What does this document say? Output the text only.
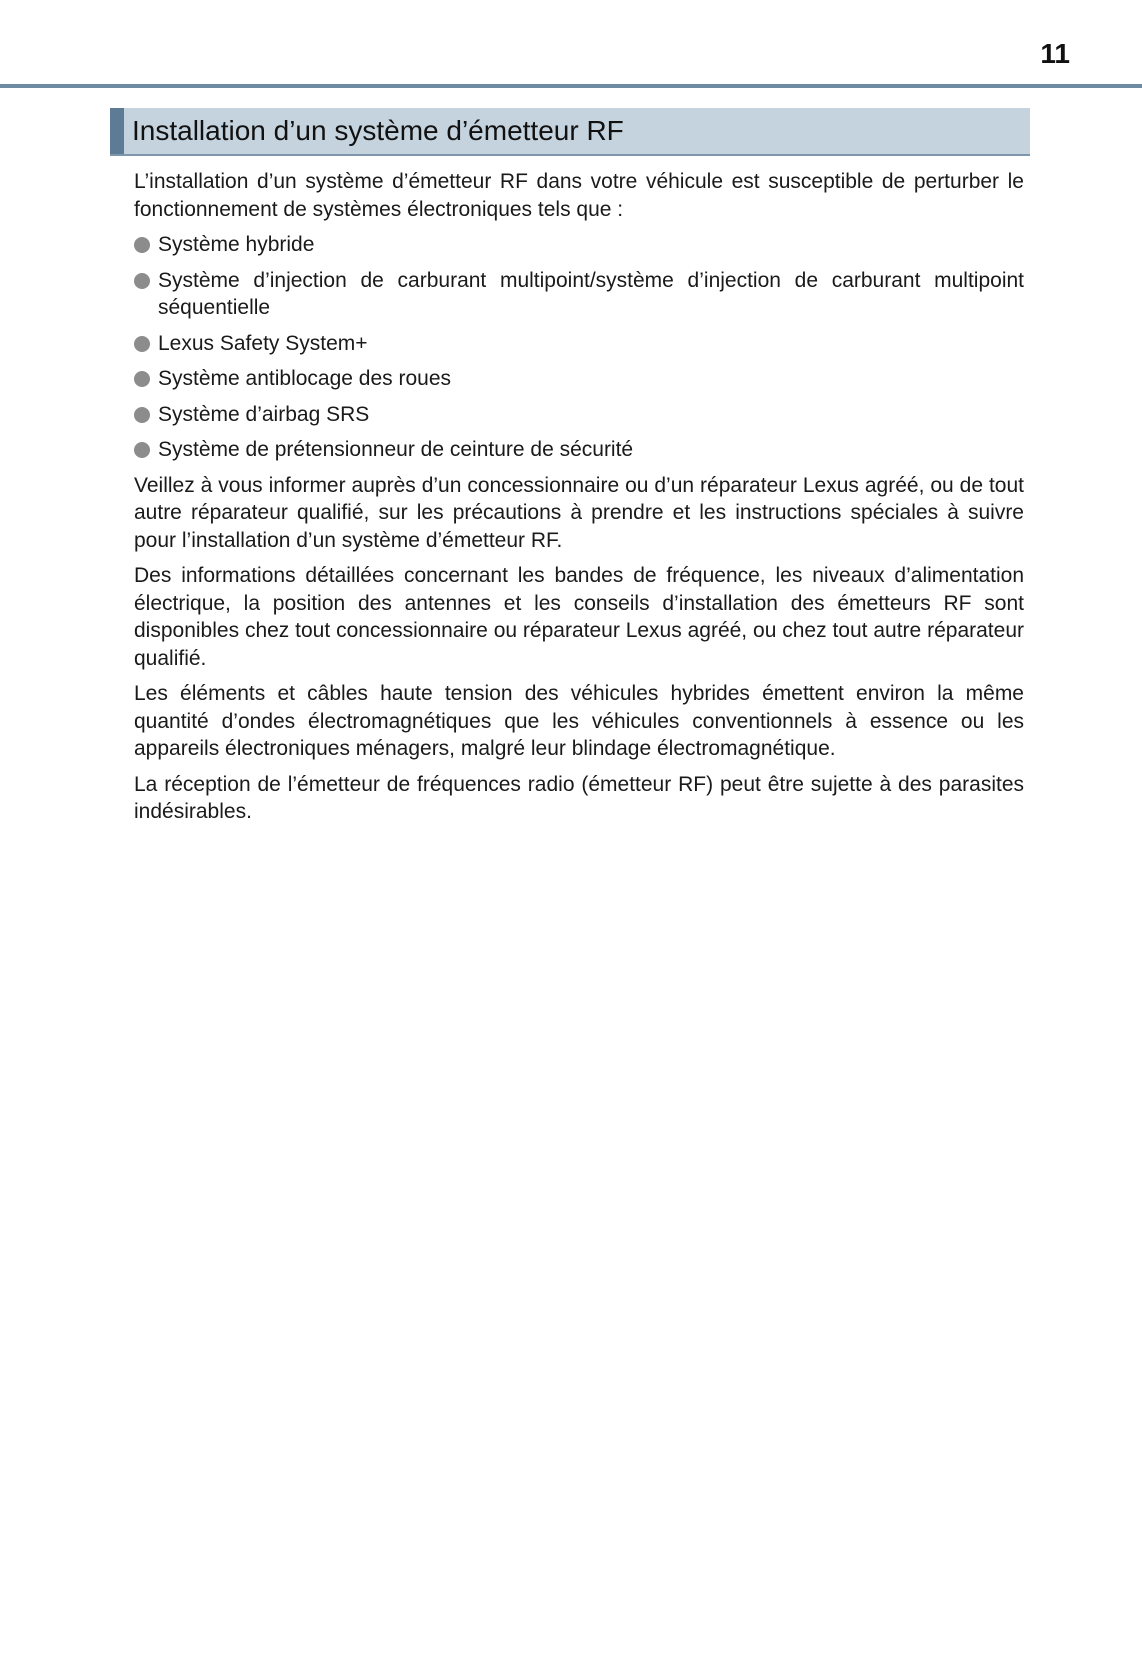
11
Installation d’un système d’émetteur RF

L’installation d’un système d’émetteur RF dans votre véhicule est susceptible de perturber le fonctionnement de systèmes électroniques tels que :

Système hybride
Système d’injection de carburant multipoint/système d’injection de carburant multipoint séquentielle
Lexus Safety System+
Système antiblocage des roues
Système d’airbag SRS
Système de prétensionneur de ceinture de sécurité

Veillez à vous informer auprès d’un concessionnaire ou d’un réparateur Lexus agréé, ou de tout autre réparateur qualifié, sur les précautions à prendre et les instructions spéciales à suivre pour l’installation d’un système d’émetteur RF.

Des informations détaillées concernant les bandes de fréquence, les niveaux d’alimentation électrique, la position des antennes et les conseils d’installation des émetteurs RF sont disponibles chez tout concessionnaire ou réparateur Lexus agréé, ou chez tout autre réparateur qualifié.

Les éléments et câbles haute tension des véhicules hybrides émettent environ la même quantité d’ondes électromagnétiques que les véhicules conventionnels à essence ou les appareils électroniques ménagers, malgré leur blindage électromagnétique.

La réception de l’émetteur de fréquences radio (émetteur RF) peut être sujette à des parasites indésirables.
